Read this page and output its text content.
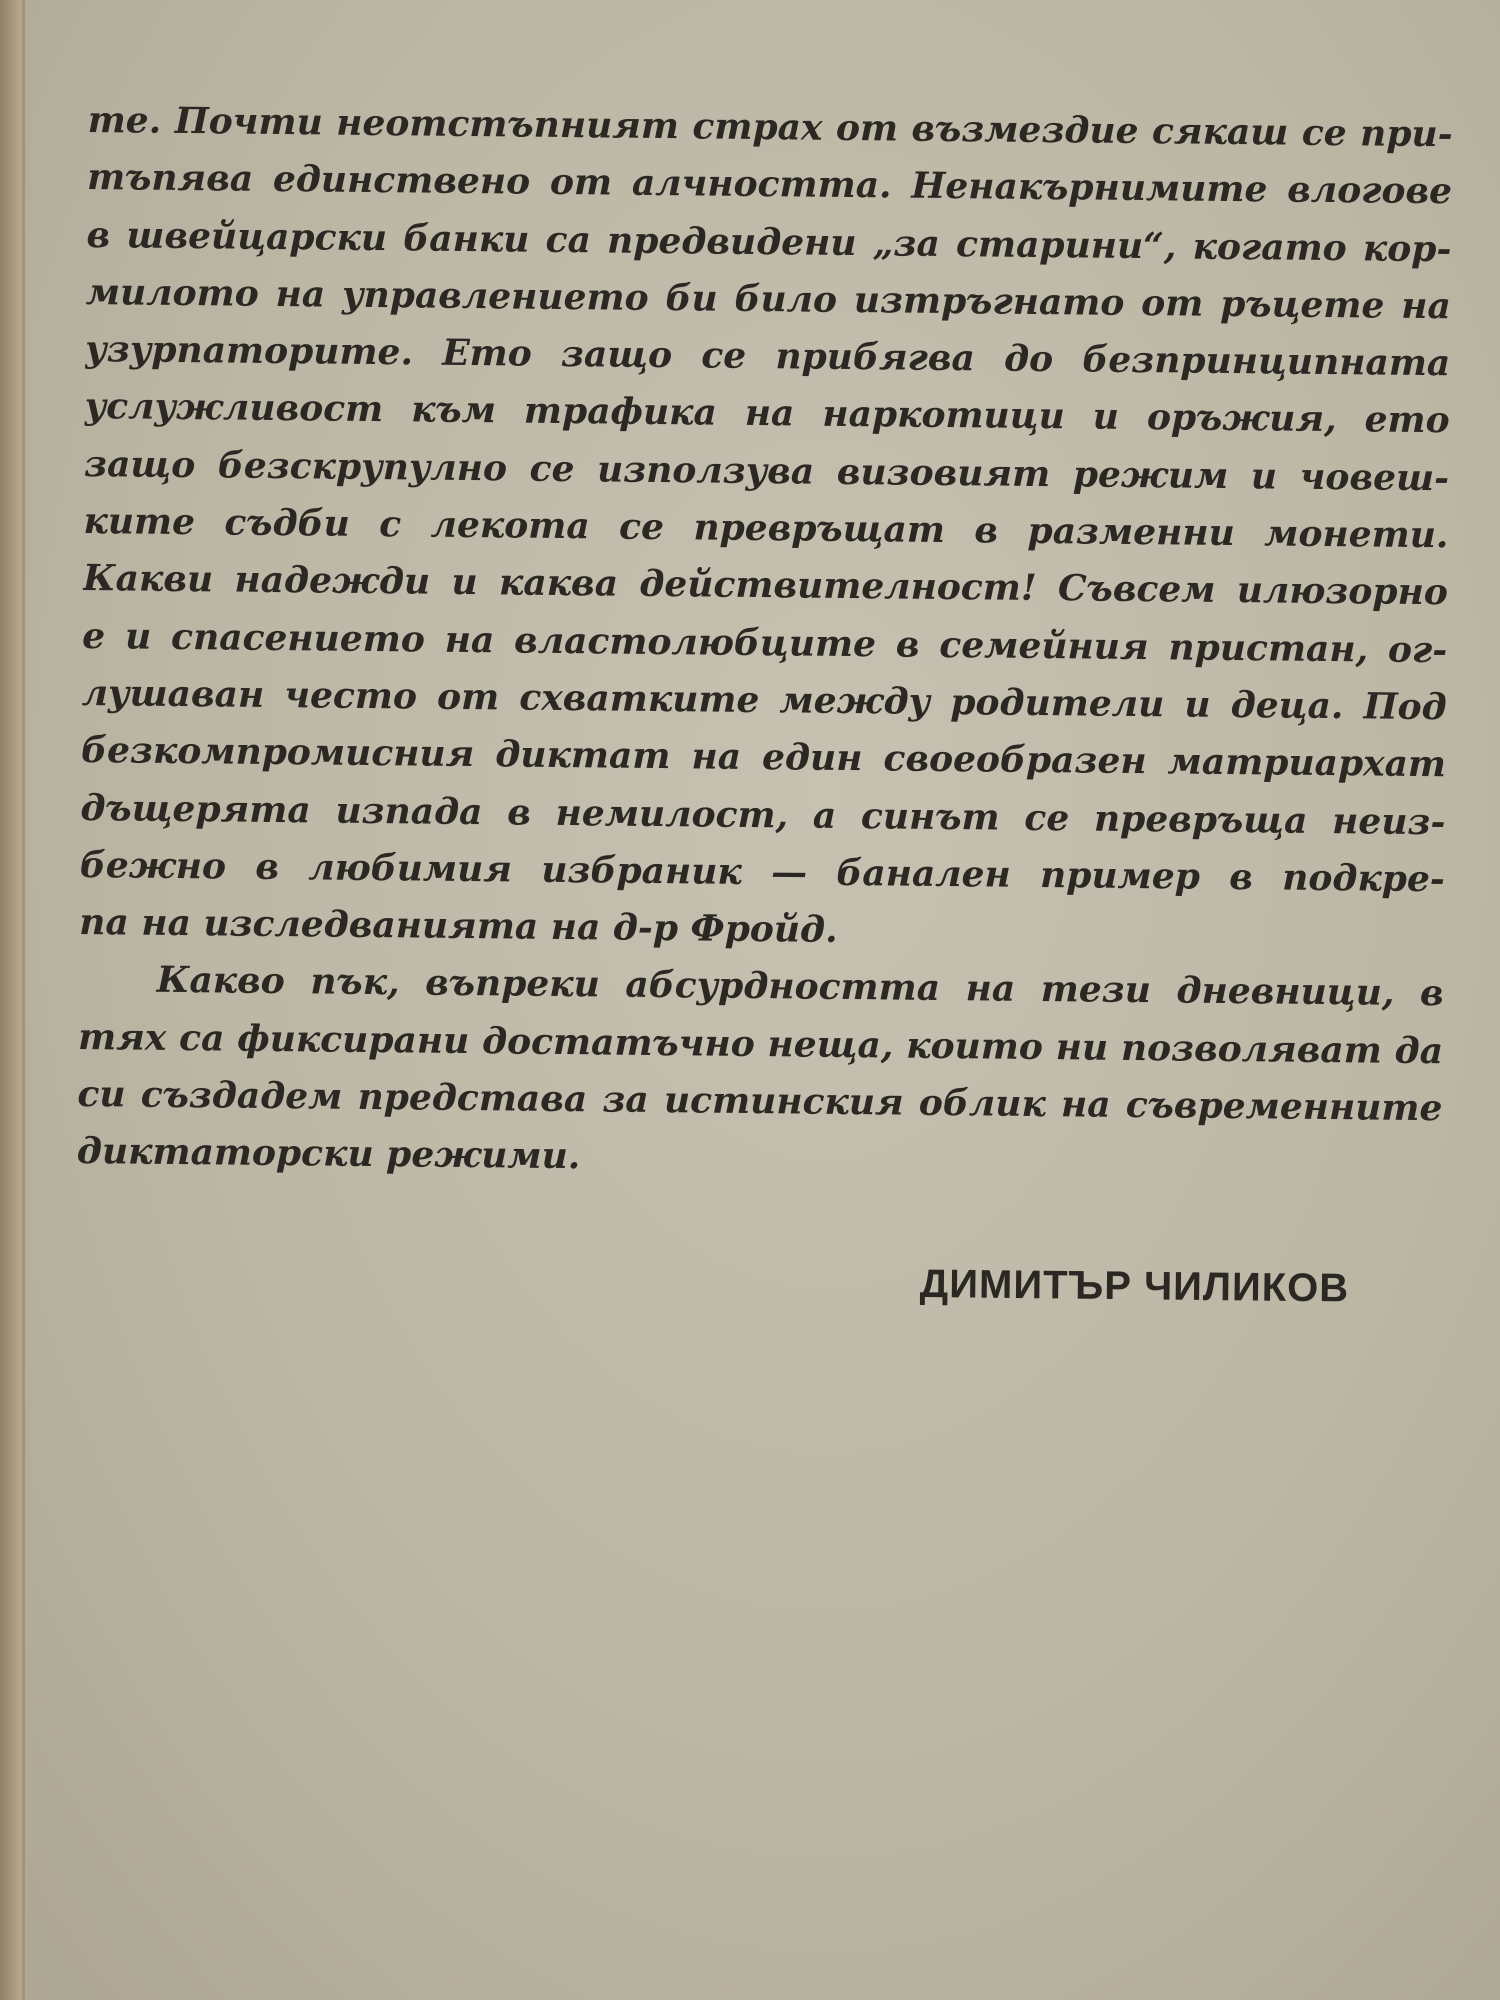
те. Почти неотстъпният страх от възмездие сякаш се при-
тъпява единствено от алчността. Ненакърнимите влогове
в швейцарски банки са предвидени „за старини“, когато кор-
милото на управлението би било изтръгнато от ръцете на
узурпаторите. Ето защо се прибягва до безпринципната
услужливост към трафика на наркотици и оръжия, ето
защо безскрупулно се използува визовият режим и човеш-
ките съдби с лекота се превръщат в разменни монети.
Какви надежди и каква действителност! Съвсем илюзорно
е и спасението на властолюбците в семейния пристан, ог-
лушаван често от схватките между родители и деца. Под
безкомпромисния диктат на един своеобразен матриархат
дъщерята изпада в немилост, а синът се превръща неиз-
бежно в любимия избраник — банален пример в подкре-
па на изследванията на д-р Фройд.
Какво пък, въпреки абсурдността на тези дневници, в
тях са фиксирани достатъчно неща, които ни позволяват да
си създадем представа за истинския облик на съвременните
диктаторски режими.
ДИМИТЪР ЧИЛИКОВ
